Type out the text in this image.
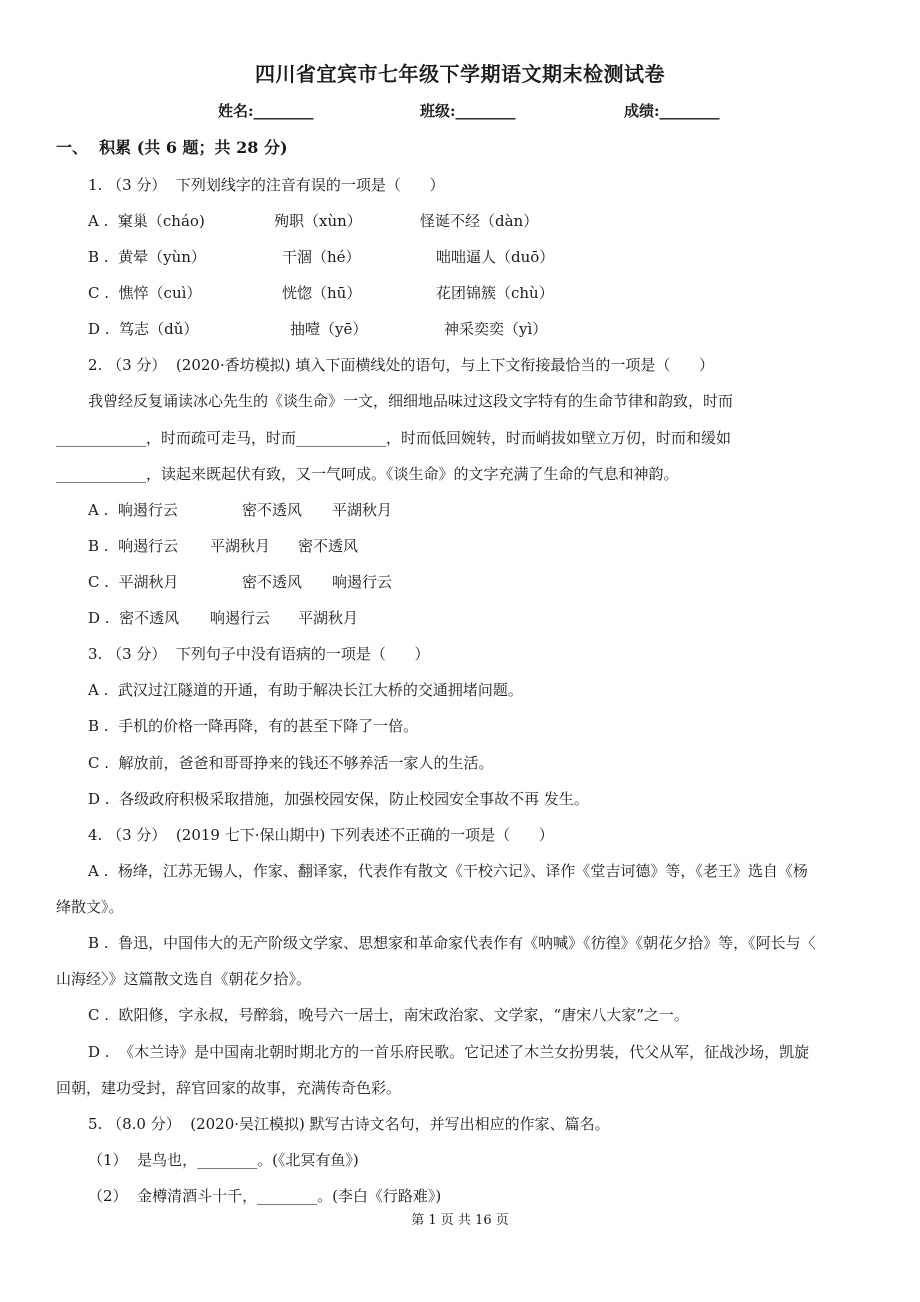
四川省宜宾市七年级下学期语文期末检测试卷
姓名:________	班级:________	成绩:________
一、  积累 (共 6 题；共 28 分)
1. （3 分）  下列划线字的注音有误的一项是（      ）
A .  窠巢（cháo)	殉职（xùn）	怪诞不经（dàn）
B .  黄晕（yùn）	干涸（hé）	咄咄逼人（duō）
C .  憔悴（cuì）	恍惚（hū）	花团锦簇（chù）
D .  笃志（dǔ）	抽噎（yē）	神采奕奕（yì）
2. （3 分）  (2020·香坊模拟) 填入下面横线处的语句，与上下文衔接最恰当的一项是（      ）
我曾经反复诵读冰心先生的《谈生命》一文，细细地品味过这段文字特有的生命节律和韵致，时而
____________，时而疏可走马，时而____________，时而低回婉转，时而峭拔如壁立万仞，时而和缓如
____________，读起来既起伏有致，又一气呵成。《谈生命》的文字充满了生命的气息和神韵。
A .  响遏行云	密不透风 平湖秋月
B .  响遏行云 平湖秋月 密不透风
C .  平湖秋月	密不透风 响遏行云
D .  密不透风 响遏行云 平湖秋月
3. （3 分）  下列句子中没有语病的一项是（      ）
A .  武汉过江隧道的开通，有助于解决长江大桥的交通拥堵问题。
B .  手机的价格一降再降，有的甚至下降了一倍。
C .  解放前，爸爸和哥哥挣来的钱还不够养活一家人的生活。
D .  各级政府积极采取措施，加强校园安保，防止校园安全事故不再 发生。
4. （3 分）  (2019 七下·保山期中) 下列表述不正确的一项是（      ）
A .  杨绛，江苏无锡人，作家、翻译家，代表作有散文《干校六记》、译作《堂吉诃德》等，《老王》选自《杨
绛散文》。
B .  鲁迅，中国伟大的无产阶级文学家、思想家和革命家代表作有《呐喊》《彷徨》《朝花夕拾》等，《阿长与〈
山海经〉》这篇散文选自《朝花夕拾》。
C .  欧阳修，字永叔，号醉翁，晚号六一居士，南宋政治家、文学家，“唐宋八大家”之一。
D .  《木兰诗》是中国南北朝时期北方的一首乐府民歌。它记述了木兰女扮男装，代父从军，征战沙场，凯旋
回朝，建功受封，辞官回家的故事，充满传奇色彩。
5. （8.0 分）  (2020·吴江模拟) 默写古诗文名句，并写出相应的作家、篇名。
（1）  是鸟也，________。(《北冥有鱼》)
（2）  金樽清酒斗十千，________。(李白《行路难》)
第 1 页 共 16 页
